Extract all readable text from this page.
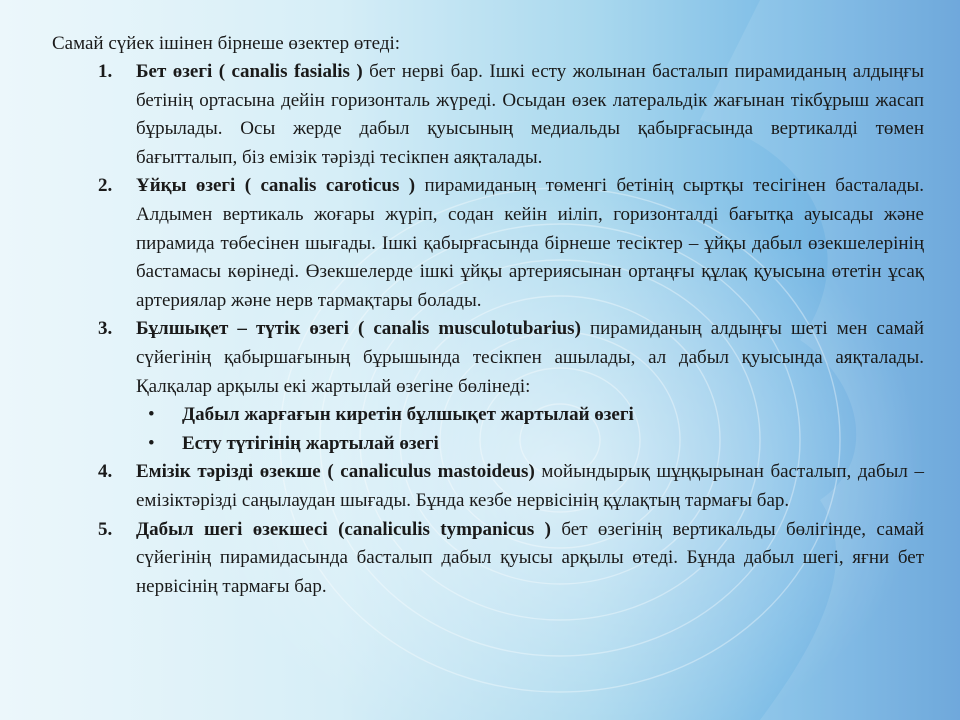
Самай сүйек ішінен бірнеше өзектер өтеді:
1. Бет өзегі ( canalis fasialis ) бет нерві бар. Ішкі есту жолынан басталып пирамиданың алдыңғы бетінің ортасына дейін горизонталь жүреді. Осыдан өзек латеральдік жағынан тікбұрыш жасап бұрылады. Осы жерде дабыл қуысының медиальды қабырғасында вертикалді төмен бағытталып, біз емізік тәрізді тесікпен аяқталады.
2. Ұйқы өзегі ( canalis caroticus ) пирамиданың төменгі бетінің сыртқы тесігінен басталады. Алдымен вертикаль жоғары жүріп, содан кейін иіліп, горизонталді бағытқа ауысады және пирамида төбесінен шығады. Ішкі қабырғасында бірнеше тесіктер – ұйқы дабыл өзекшелерінің бастамасы көрінеді. Өзекшелерде ішкі ұйқы артериясынан ортаңғы құлақ қуысына өтетін ұсақ артериялар және нерв тармақтары болады.
3. Бұлшықет – түтік өзегі ( canalis musculotubarius) пирамиданың алдыңғы шеті мен самай сүйегінің қабыршағының бұрышында тесікпен ашылады, ал дабыл қуысында аяқталады. Қалқалар арқылы екі жартылай өзегіне бөлінеді:
• Дабыл жарғағын киретін бұлшықет жартылай өзегі
• Есту түтігінің жартылай өзегі
4. Емізік тәрізді өзекше ( canaliculus mastoideus) мойындырық шұңқырынан басталып, дабыл – емізіктәрізді саңылаудан шығады. Бұнда кезбе нервісінің құлақтың тармағы бар.
5. Дабыл шегі өзекшесі (canaliculis tympanicus ) бет өзегінің вертикальды бөлігінде, самай сүйегінің пирамидасында басталып дабыл қуысы арқылы өтеді. Бұнда дабыл шегі, яғни бет нервісінің тармағы бар.
